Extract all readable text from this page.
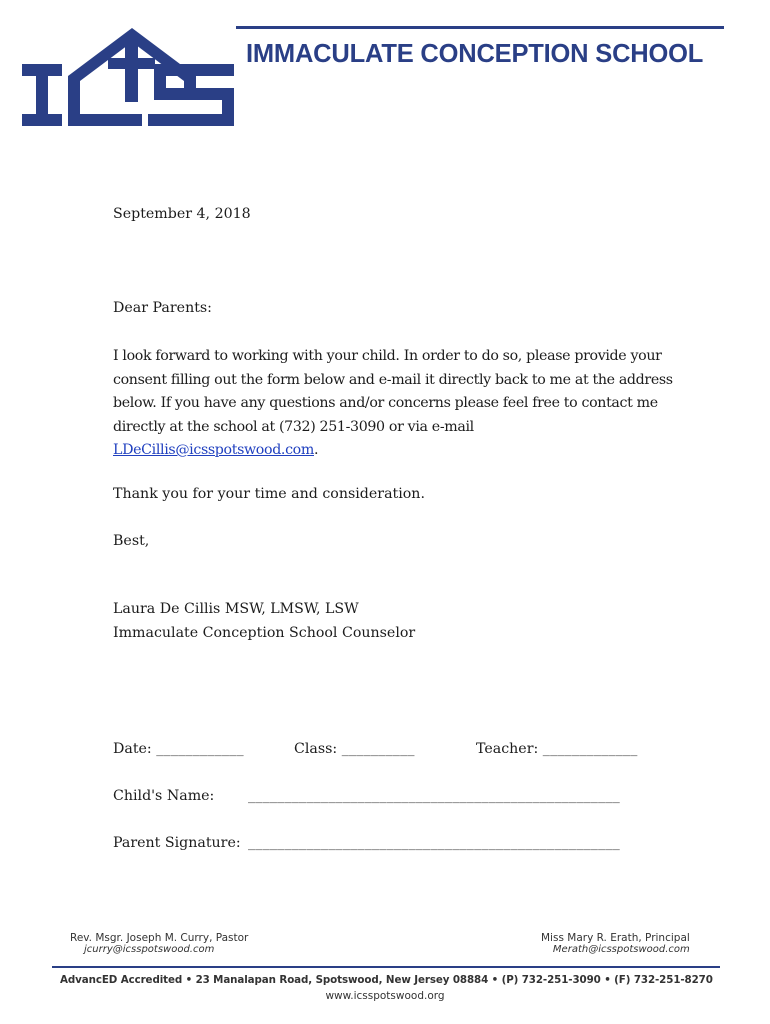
IMMACULATE CONCEPTION SCHOOL

September 4, 2018

Dear Parents:

I look forward to working with your child. In order to do so, please provide your consent filling out the form below and e-mail it directly back to me at the address below. If you have any questions and/or concerns please feel free to contact me directly at the school at (732) 251-3090 or via e-mail LDeCillis@icsspotswood.com.

Thank you for your time and consideration.

Best,

Laura De Cillis MSW, LMSW, LSW

Immaculate Conception School Counselor

Date: ____________	Class: __________	Teacher: _____________
Child's Name: ___________________________________________________
Parent Signature: ___________________________________________________
Rev. Msgr. Joseph M. Curry, Pastor
jcurry@icsspotswood.com
Miss Mary R. Erath, Principal
Merath@icsspotswood.com
AdvancED Accredited • 23 Manalapan Road, Spotswood, New Jersey 08884 • (P) 732-251-3090 • (F) 732-251-8270
www.icsspotswood.org
